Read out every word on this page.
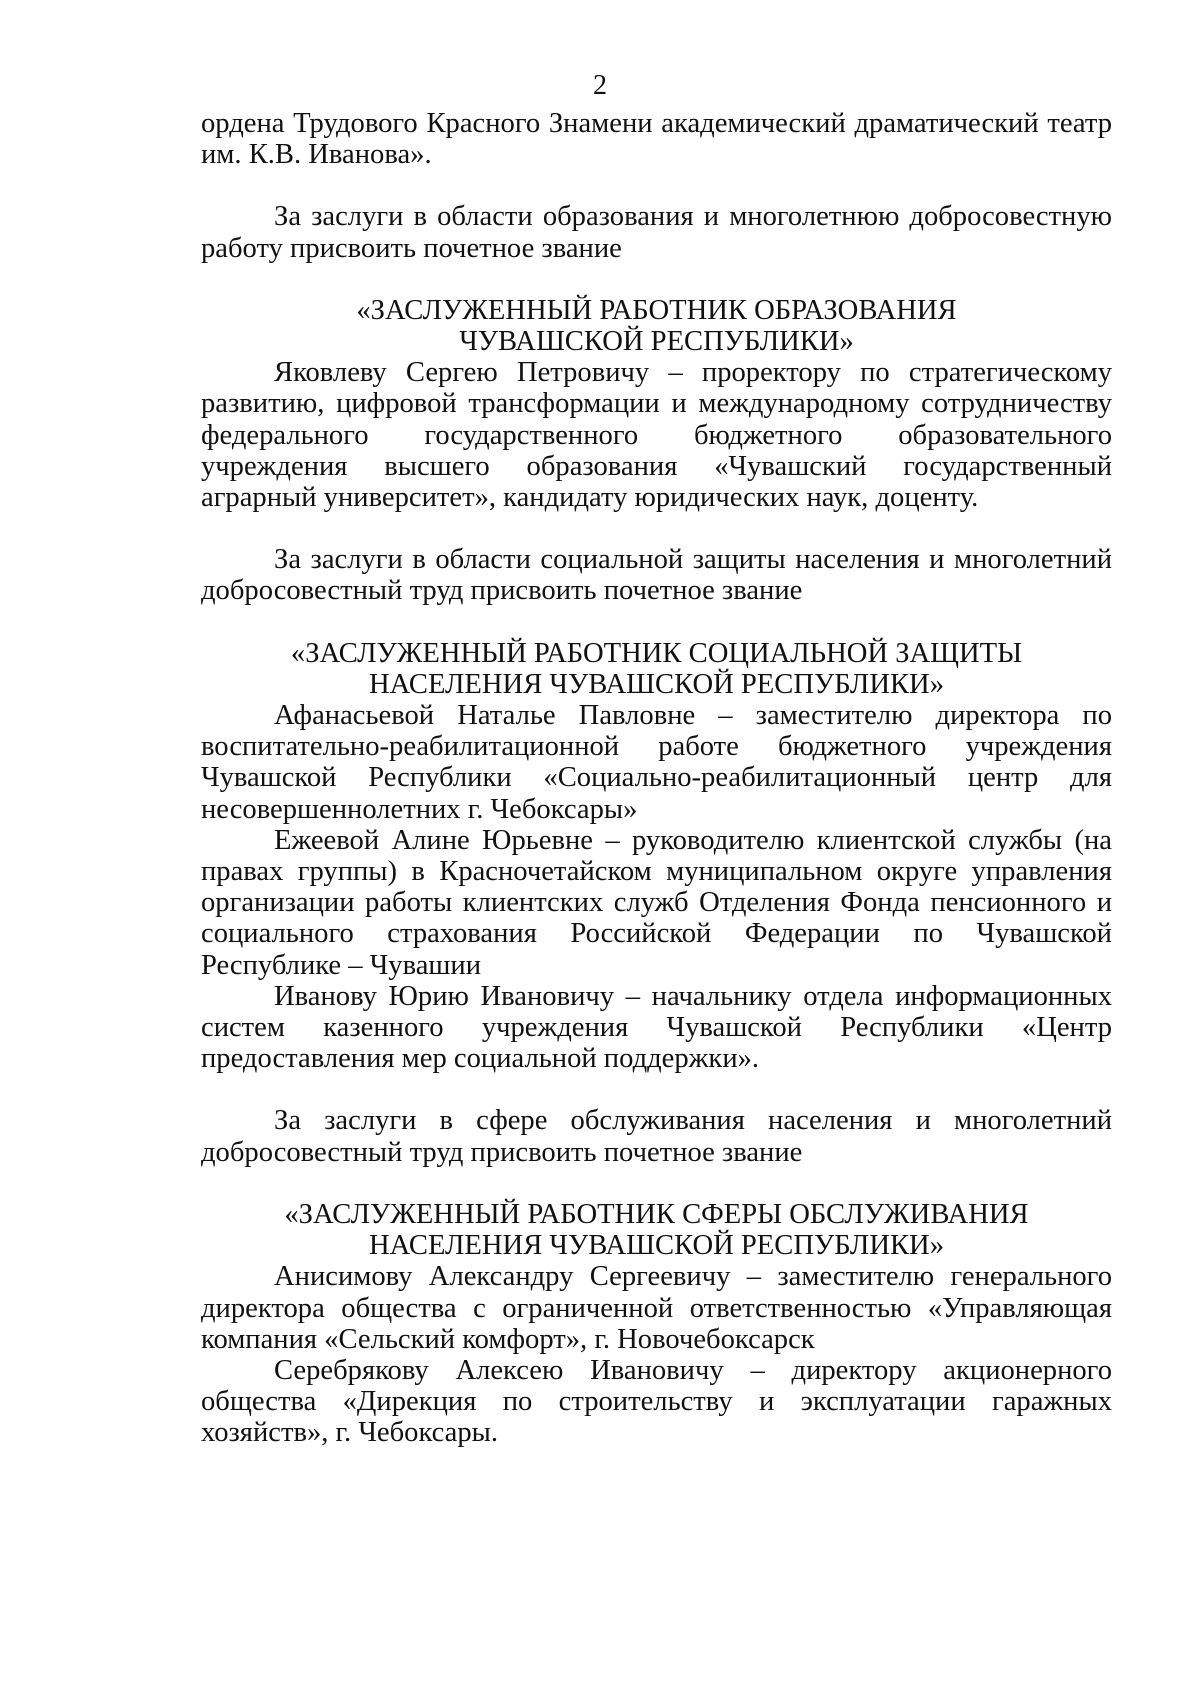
2

ордена Трудового Красного Знамени академический драматический театр им. К.В. Иванова».

За заслуги в области образования и многолетнюю добросовестную работу присвоить почетное звание

«ЗАСЛУЖЕННЫЙ РАБОТНИК ОБРАЗОВАНИЯ
ЧУВАШСКОЙ РЕСПУБЛИКИ»

Яковлеву Сергею Петровичу – проректору по стратегическому развитию, цифровой трансформации и международному сотрудничеству федерального государственного бюджетного образовательного учреждения высшего образования «Чувашский государственный аграрный университет», кандидату юридических наук, доценту.

За заслуги в области социальной защиты населения и многолетний добросовестный труд присвоить почетное звание

«ЗАСЛУЖЕННЫЙ РАБОТНИК СОЦИАЛЬНОЙ ЗАЩИТЫ
НАСЕЛЕНИЯ ЧУВАШСКОЙ РЕСПУБЛИКИ»

Афанасьевой Наталье Павловне – заместителю директора по воспитательно-реабилитационной работе бюджетного учреждения Чувашской Республики «Социально-реабилитационный центр для несовершеннолетних г. Чебоксары»

Ежеевой Алине Юрьевне – руководителю клиентской службы (на правах группы) в Красночетайском муниципальном округе управления организации работы клиентских служб Отделения Фонда пенсионного и социального страхования Российской Федерации по Чувашской Республике – Чувашии

Иванову Юрию Ивановичу – начальнику отдела информационных систем казенного учреждения Чувашской Республики «Центр предоставления мер социальной поддержки».

За заслуги в сфере обслуживания населения и многолетний добросовестный труд присвоить почетное звание

«ЗАСЛУЖЕННЫЙ РАБОТНИК СФЕРЫ ОБСЛУЖИВАНИЯ
НАСЕЛЕНИЯ ЧУВАШСКОЙ РЕСПУБЛИКИ»

Анисимову Александру Сергеевичу – заместителю генерального директора общества с ограниченной ответственностью «Управляющая компания «Сельский комфорт», г. Новочебоксарск

Серебрякову Алексею Ивановичу – директору акционерного общества «Дирекция по строительству и эксплуатации гаражных хозяйств», г. Чебоксары.
